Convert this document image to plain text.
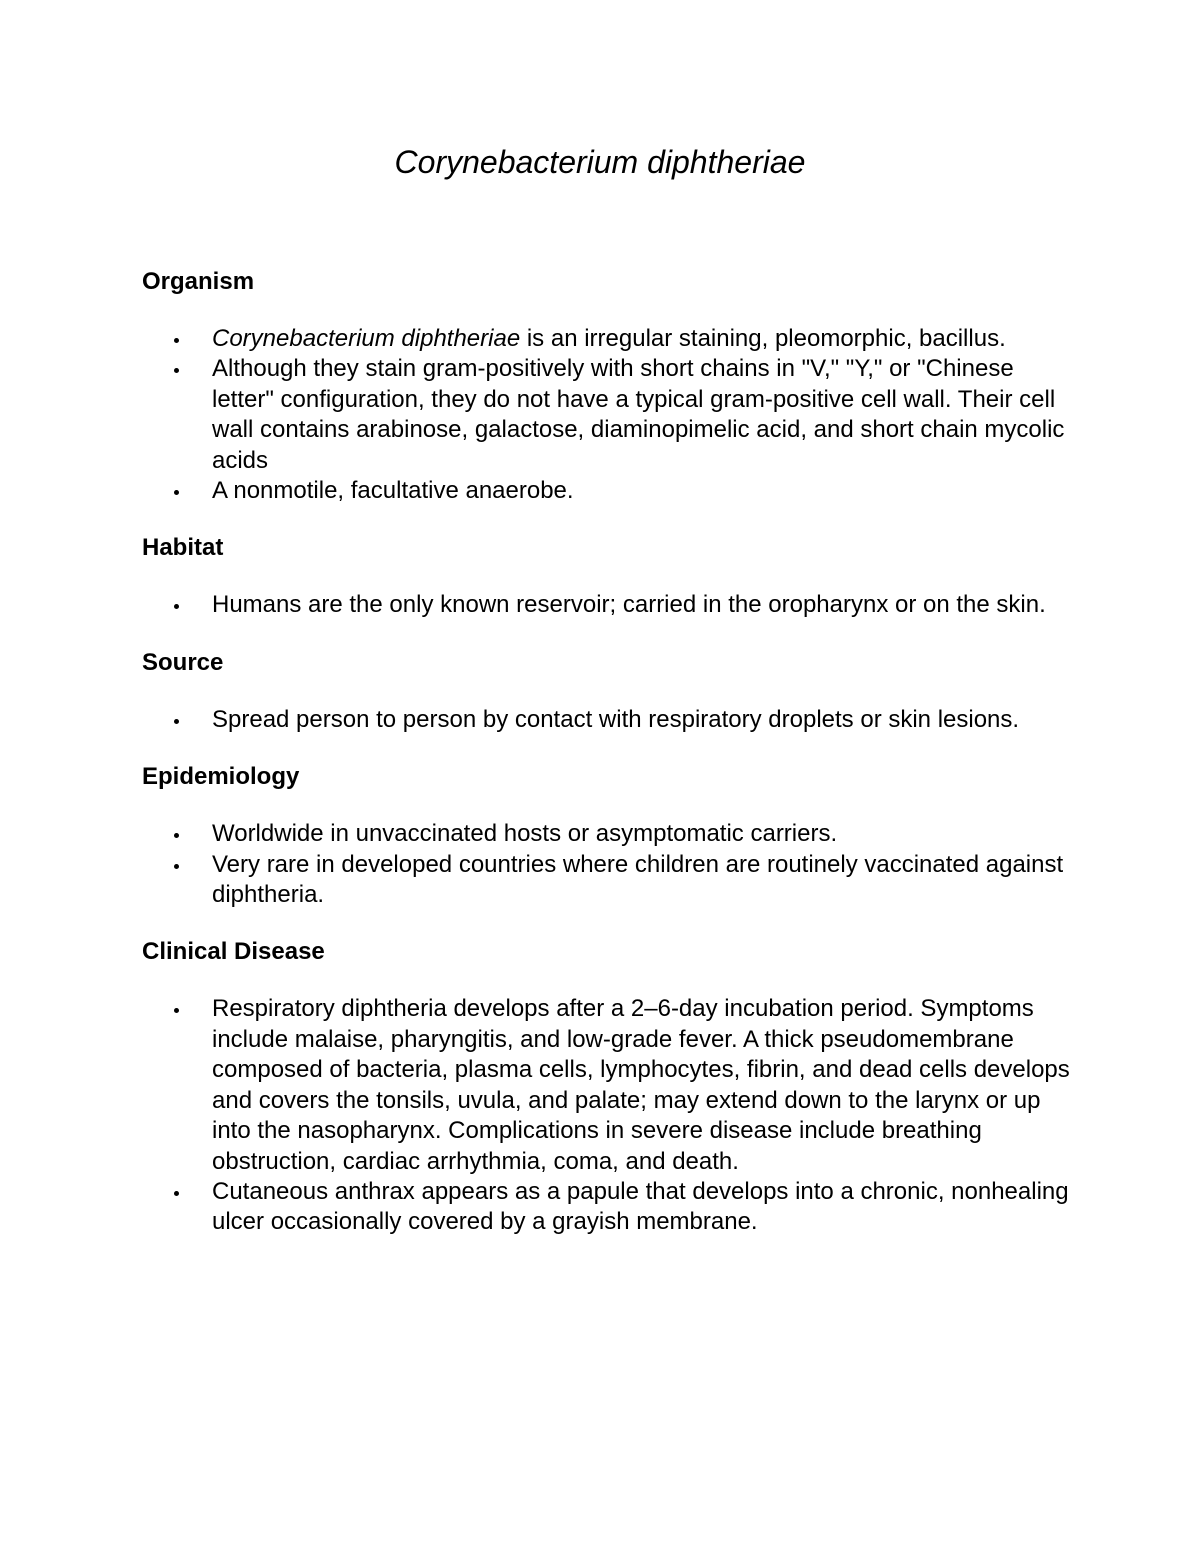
Corynebacterium diphtheriae
Organism
Corynebacterium diphtheriae is an irregular staining, pleomorphic, bacillus.
Although they stain gram-positively with short chains in "V," "Y," or "Chinese letter" configuration, they do not have a typical gram-positive cell wall. Their cell wall contains arabinose, galactose, diaminopimelic acid, and short chain mycolic acids
A nonmotile, facultative anaerobe.
Habitat
Humans are the only known reservoir; carried in the oropharynx or on the skin.
Source
Spread person to person by contact with respiratory droplets or skin lesions.
Epidemiology
Worldwide in unvaccinated hosts or asymptomatic carriers.
Very rare in developed countries where children are routinely vaccinated against diphtheria.
Clinical Disease
Respiratory diphtheria develops after a 2–6-day incubation period. Symptoms include malaise, pharyngitis, and low-grade fever. A thick pseudomembrane composed of bacteria, plasma cells, lymphocytes, fibrin, and dead cells develops and covers the tonsils, uvula, and palate; may extend down to the larynx or up into the nasopharynx. Complications in severe disease include breathing obstruction, cardiac arrhythmia, coma, and death.
Cutaneous anthrax appears as a papule that develops into a chronic, nonhealing ulcer occasionally covered by a grayish membrane.
